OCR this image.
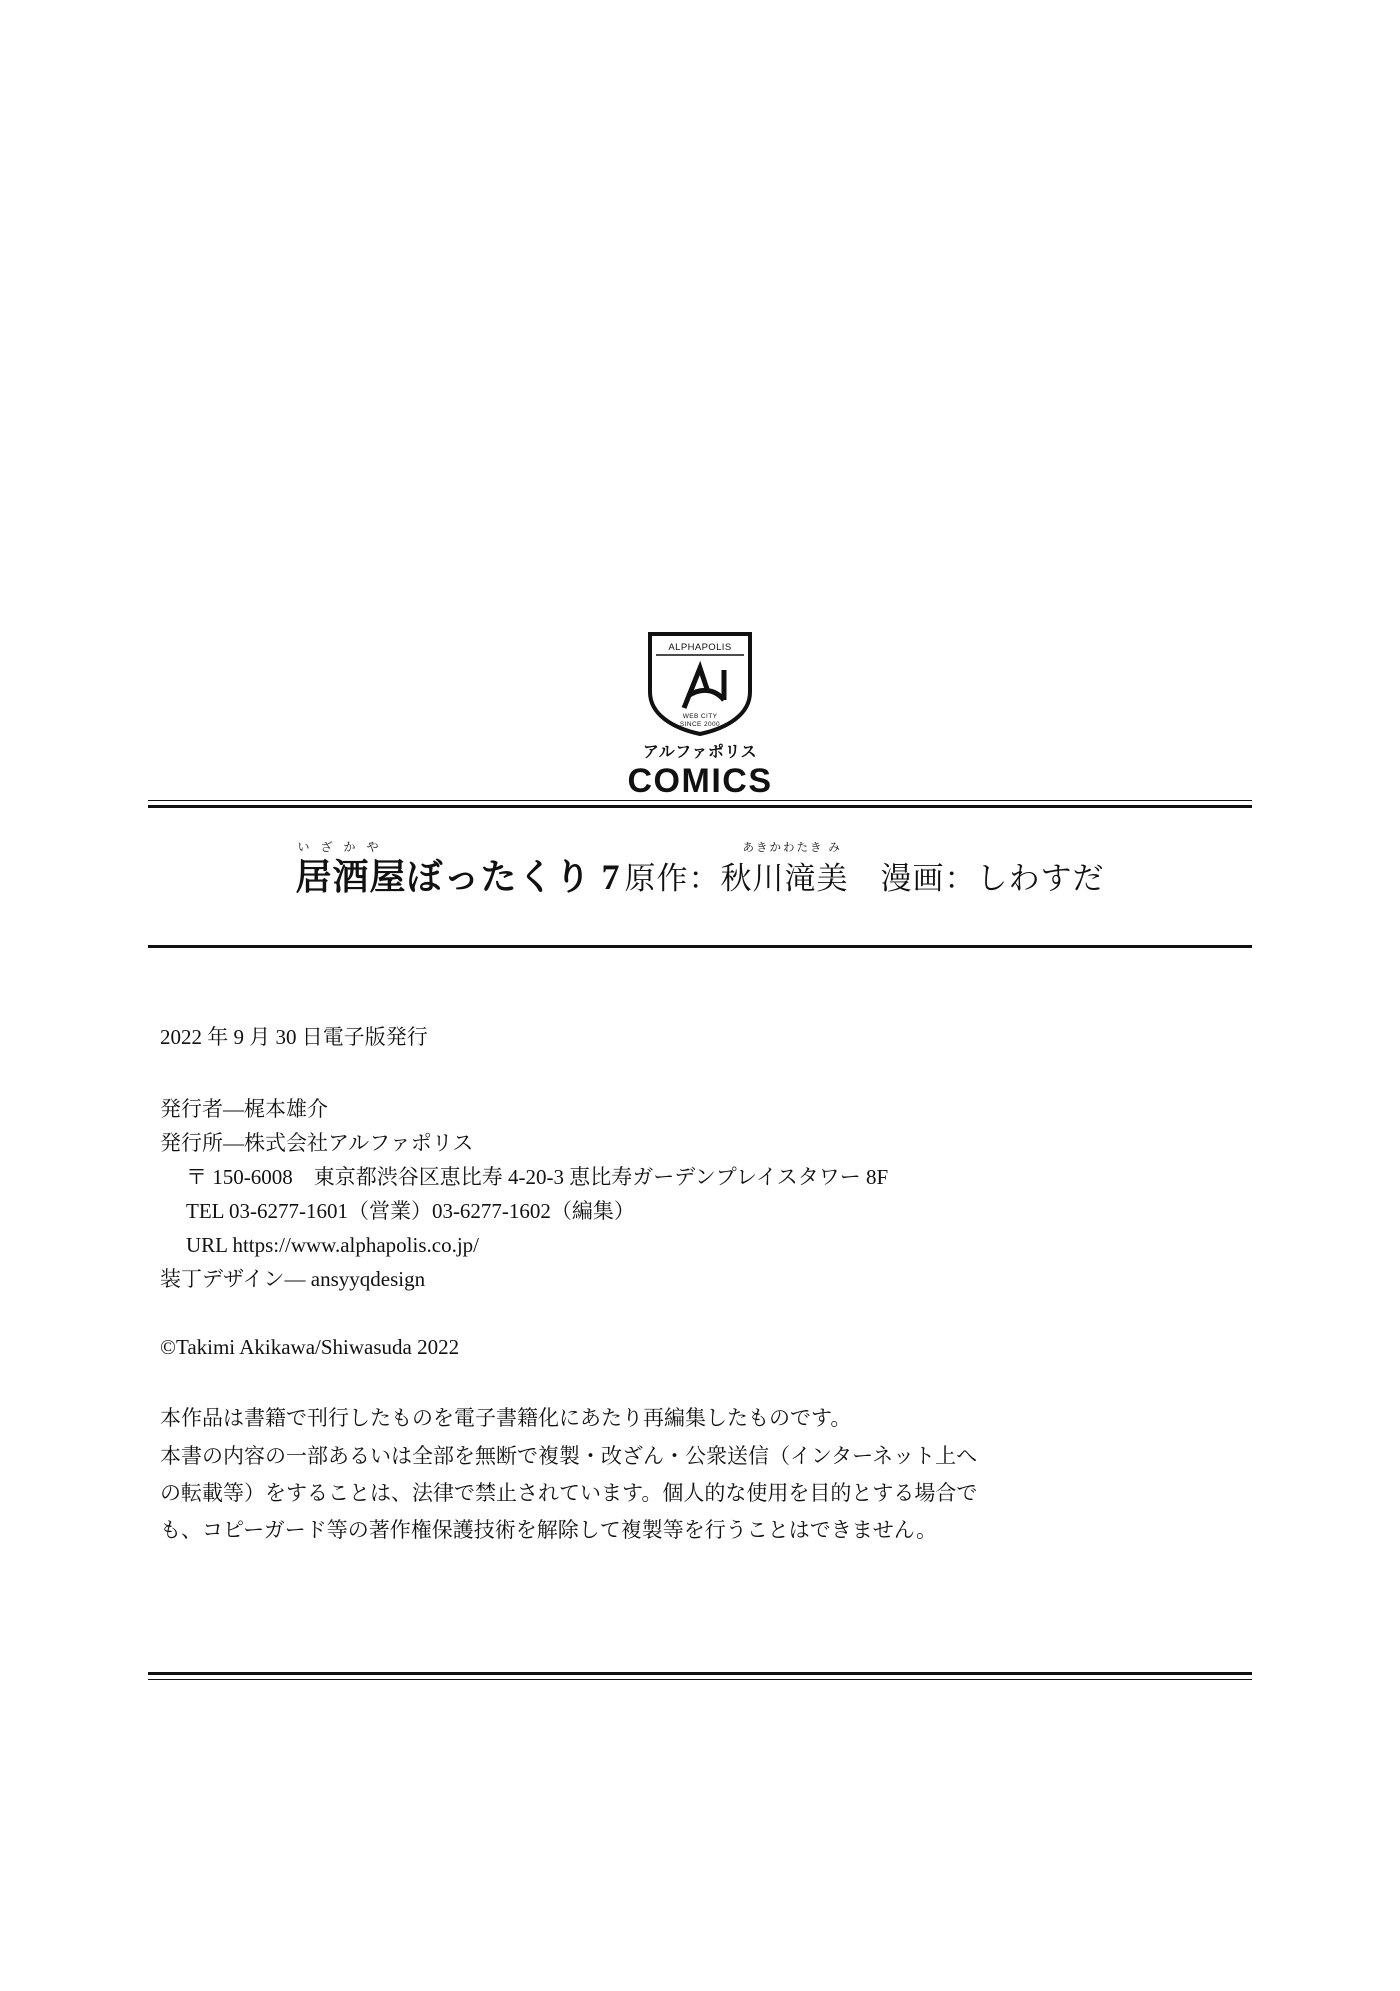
ALPHAPOLIS
WEB CITY
SINCE 2000
アルファポリス
COMICS
い ざ か や
居酒屋ぼったくり 7
あきかわたき み
原作：秋川滝美　漫画：しわすだ
2022 年 9 月 30 日電子版発行
発行者—梶本雄介
発行所—株式会社アルファポリス
〒 150-6008　東京都渋谷区恵比寿 4-20-3 恵比寿ガーデンプレイスタワー 8F
TEL 03-6277-1601（営業）03-6277-1602（編集）
URL https://www.alphapolis.co.jp/
装丁デザイン— ansyyqdesign
©Takimi Akikawa/Shiwasuda 2022

本作品は書籍で刊行したものを電子書籍化にあたり再編集したものです。

本書の内容の一部あるいは全部を無断で複製・改ざん・公衆送信（インターネット上へ

の転載等）をすることは、法律で禁止されています。個人的な使用を目的とする場合で

も、コピーガード等の著作権保護技術を解除して複製等を行うことはできません。
